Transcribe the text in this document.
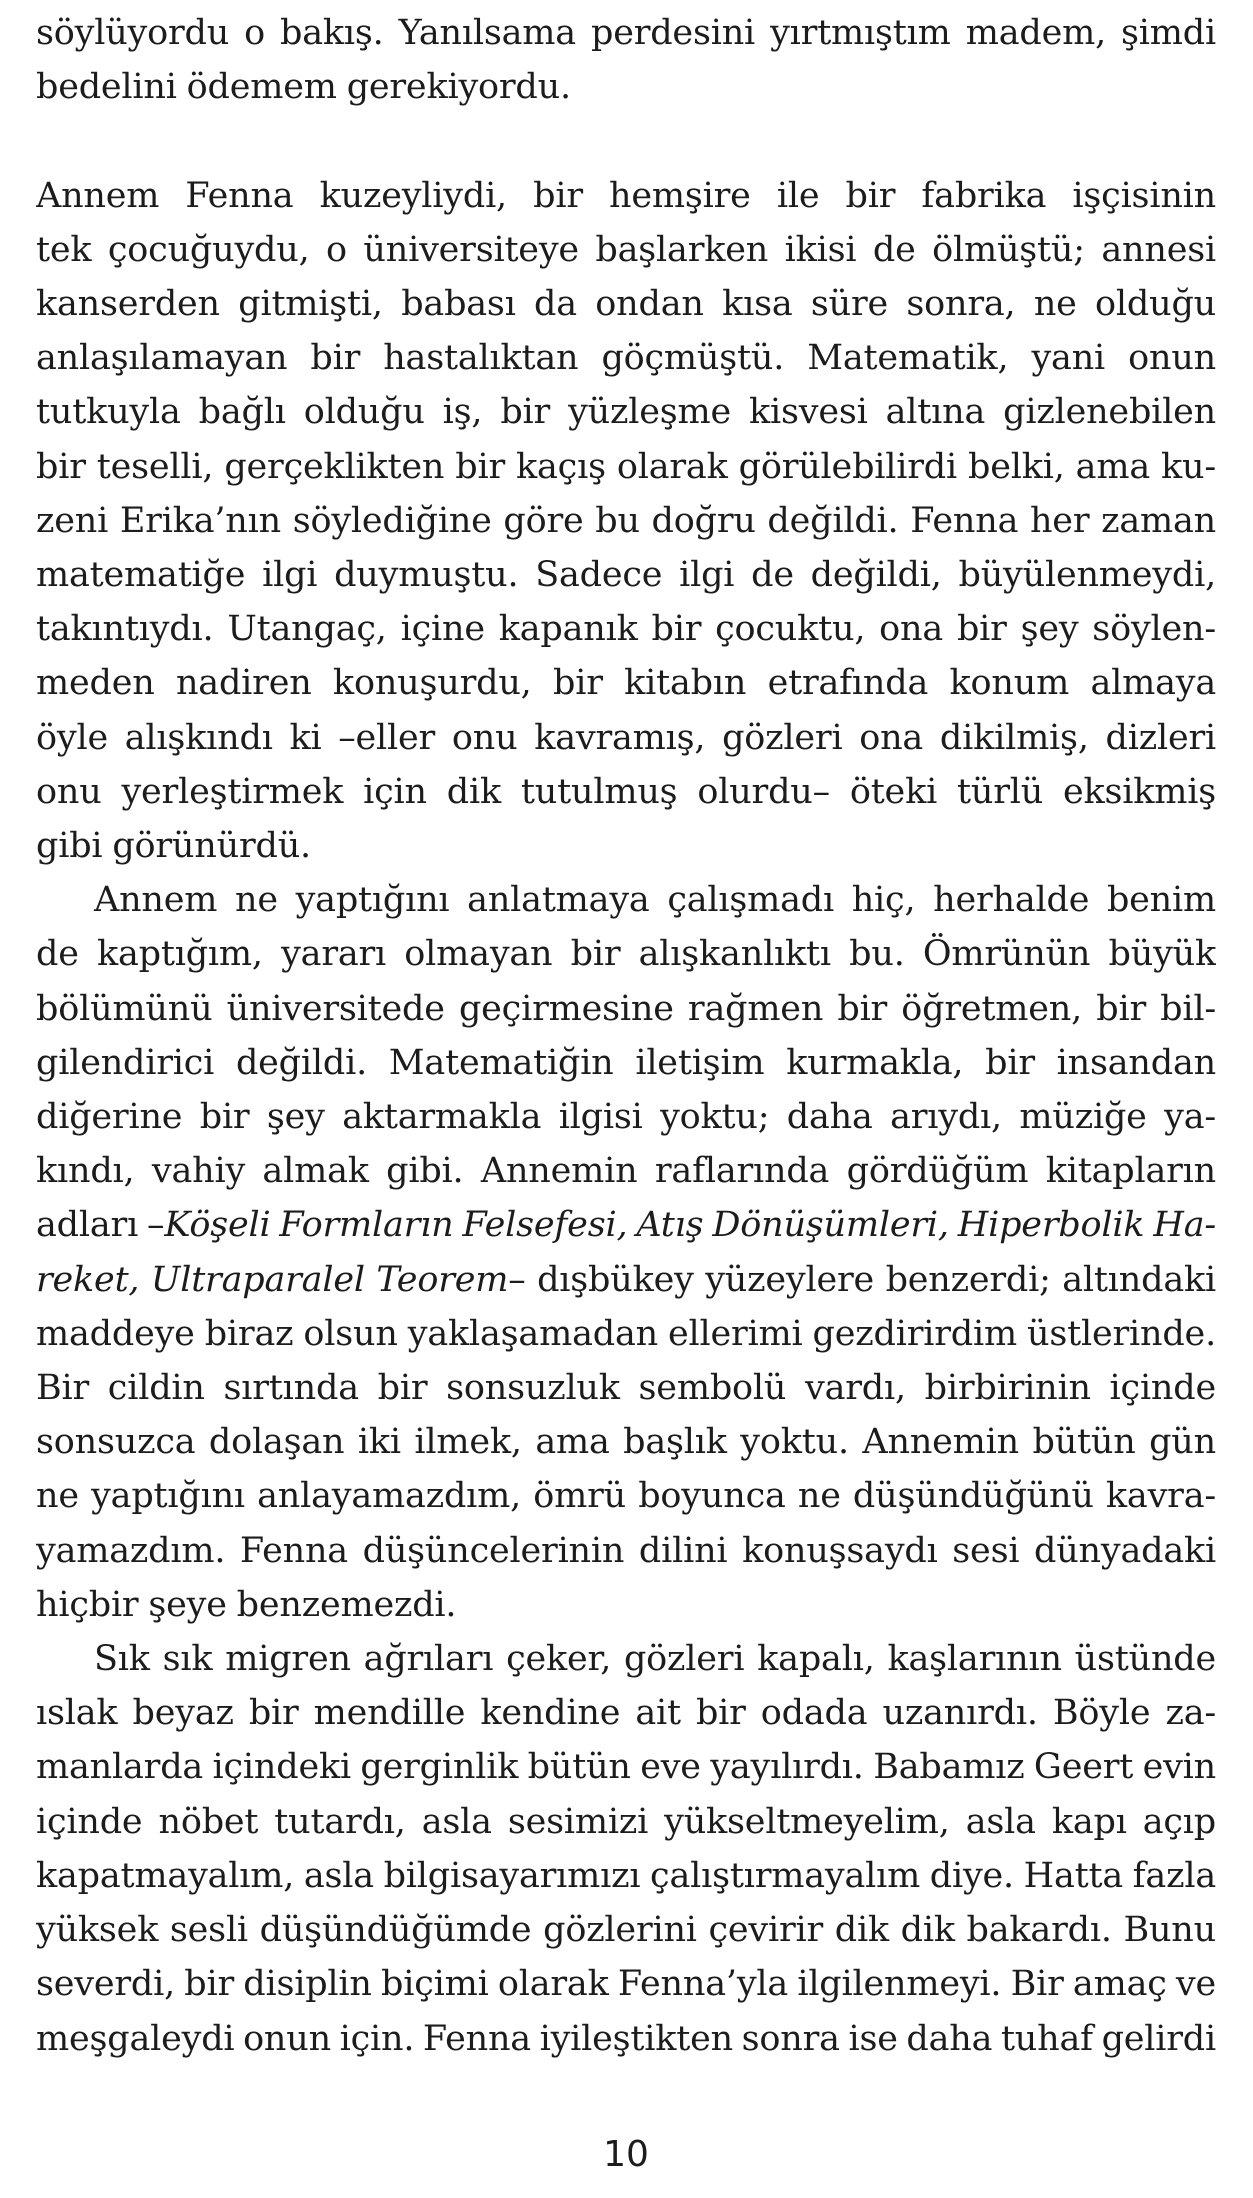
söylüyordu o bakış. Yanılsama perdesini yırtmıştım madem, şimdi
bedelini ödemem gerekiyordu.
Annem Fenna kuzeyliydi, bir hemşire ile bir fabrika işçisinin
tek çocuğuydu, o üniversiteye başlarken ikisi de ölmüştü; annesi
kanserden gitmişti, babası da ondan kısa süre sonra, ne olduğu
anlaşılamayan bir hastalıktan göçmüştü. Matematik, yani onun
tutkuyla bağlı olduğu iş, bir yüzleşme kisvesi altına gizlenebilen
bir teselli, gerçeklikten bir kaçış olarak görülebilirdi belki, ama ku-
zeni Erika’nın söylediğine göre bu doğru değildi. Fenna her zaman
matematiğe ilgi duymuştu. Sadece ilgi de değildi, büyülenmeydi,
takıntıydı. Utangaç, içine kapanık bir çocuktu, ona bir şey söylen-
meden nadiren konuşurdu, bir kitabın etrafında konum almaya
öyle alışkındı ki –eller onu kavramış, gözleri ona dikilmiş, dizleri
onu yerleştirmek için dik tutulmuş olurdu– öteki türlü eksikmiş
gibi görünürdü.
Annem ne yaptığını anlatmaya çalışmadı hiç, herhalde benim
de kaptığım, yararı olmayan bir alışkanlıktı bu. Ömrünün büyük
bölümünü üniversitede geçirmesine rağmen bir öğretmen, bir bil-
gilendirici değildi. Matematiğin iletişim kurmakla, bir insandan
diğerine bir şey aktarmakla ilgisi yoktu; daha arıydı, müziğe ya-
kındı, vahiy almak gibi. Annemin raflarında gördüğüm kitapların
adları –Köşeli Formların Felsefesi, Atış Dönüşümleri, Hiperbolik Ha-
reket, Ultraparalel Teorem– dışbükey yüzeylere benzerdi; altındaki
maddeye biraz olsun yaklaşamadan ellerimi gezdirirdim üstlerinde.
Bir cildin sırtında bir sonsuzluk sembolü vardı, birbirinin içinde
sonsuzca dolaşan iki ilmek, ama başlık yoktu. Annemin bütün gün
ne yaptığını anlayamazdım, ömrü boyunca ne düşündüğünü kavra-
yamazdım. Fenna düşüncelerinin dilini konuşsaydı sesi dünyadaki
hiçbir şeye benzemezdi.
Sık sık migren ağrıları çeker, gözleri kapalı, kaşlarının üstünde
ıslak beyaz bir mendille kendine ait bir odada uzanırdı. Böyle za-
manlarda içindeki gerginlik bütün eve yayılırdı. Babamız Geert evin
içinde nöbet tutardı, asla sesimizi yükseltmeyelim, asla kapı açıp
kapatmayalım, asla bilgisayarımızı çalıştırmayalım diye. Hatta fazla
yüksek sesli düşündüğümde gözlerini çevirir dik dik bakardı. Bunu
severdi, bir disiplin biçimi olarak Fenna’yla ilgilenmeyi. Bir amaç ve
meşgaleydi onun için. Fenna iyileştikten sonra ise daha tuhaf gelirdi
10
